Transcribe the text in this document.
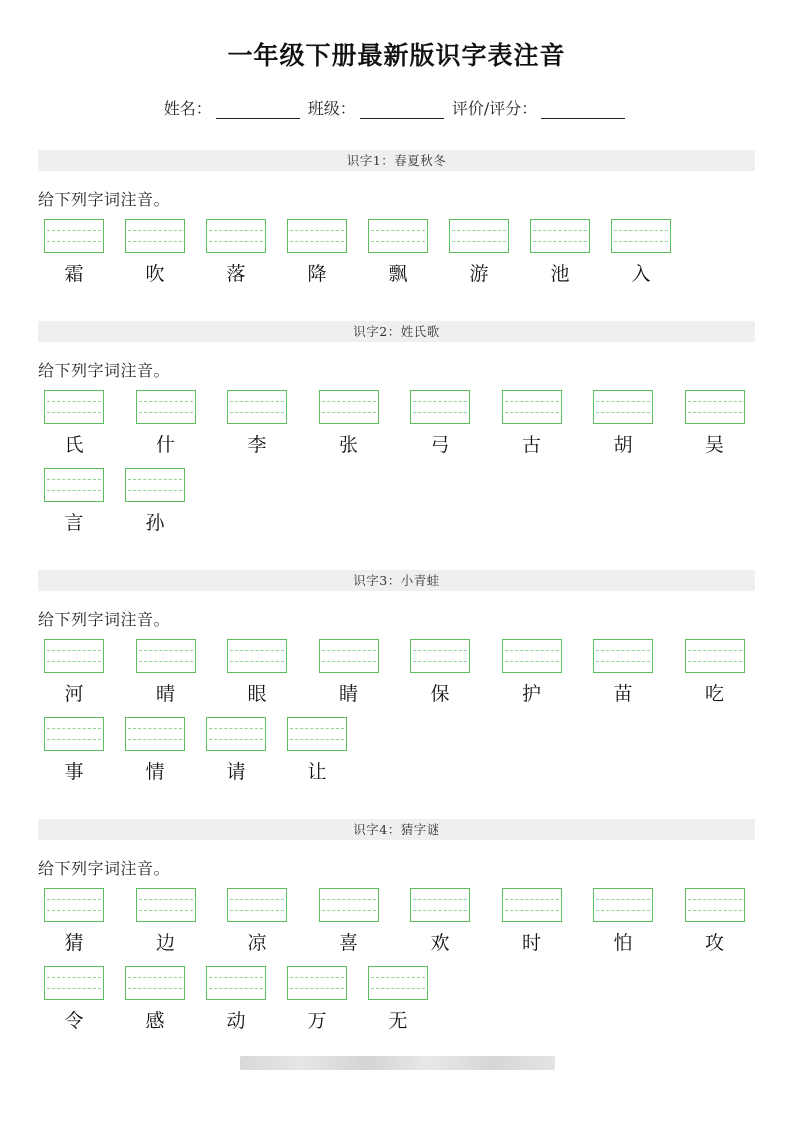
一年级下册最新版识字表注音
姓名：	班级：	评价/评分：
识字1：春夏秋冬
给下列字词注音。
霜	吹	落	降	飘	游	池	入
识字2：姓氏歌
给下列字词注音。
氏	什	李	张	弓	古	胡	吴
言	孙
识字3：小青蛙
给下列字词注音。
河	晴	眼	睛	保	护	苗	吃
事	情	请	让
识字4：猜字谜
给下列字词注音。
猜	边	凉	喜	欢	时	怕	攻
令	感	动	万	无
